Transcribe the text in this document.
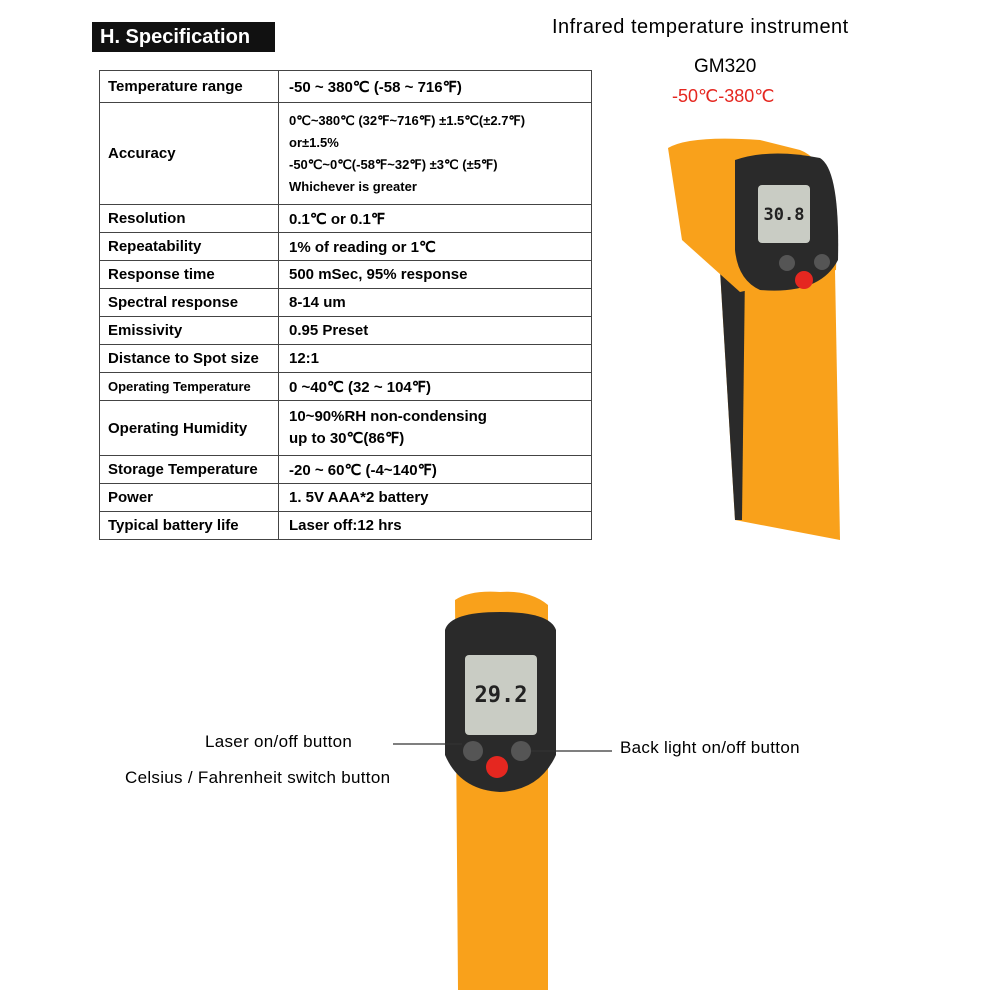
H. Specification
Temperature range	-50 ~ 380℃ (-58 ~ 716℉)
Accuracy	0℃~380℃ (32℉~716℉) ±1.5℃(±2.7℉)
or±1.5%
-50℃~0℃(-58℉~32℉) ±3℃ (±5℉)
Whichever is greater

Resolution	0.1℃ or 0.1℉
Repeatability	1% of reading or 1℃
Response time	500 mSec, 95% response
Spectral response	8-14 um
Emissivity	0.95 Preset
Distance to Spot size	12:1
Operating Temperature	0 ~40℃ (32 ~ 104℉)
Operating Humidity	10~90%RH non-condensing
up to 30℃(86℉)

Storage Temperature	-20 ~ 60℃ (-4~140℉)
Power	1. 5V AAA*2 battery
Typical battery life	Laser off:12 hrs
Infrared temperature instrument
GM320
-50℃-380℃
30.8
29.2
Laser on/off button
Celsius / Fahrenheit switch button
Back light on/off button
